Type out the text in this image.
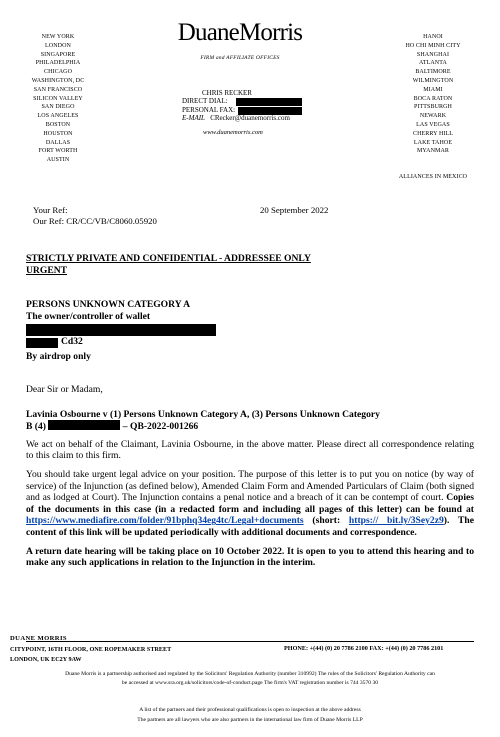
NEW YORK
LONDON
SINGAPORE
PHILADELPHIA
CHICAGO
WASHINGTON, DC
SAN FRANCISCO
SILICON VALLEY
SAN DIEGO
LOS ANGELES
BOSTON
HOUSTON
DALLAS
FORT WORTH
AUSTIN
DuaneMorris
FIRM and AFFILIATE OFFICES
HANOI
HO CHI MINH CITY
SHANGHAI
ATLANTA
BALTIMORE
WILMINGTON
MIAMI
BOCA RATON
PITTSBURGH
NEWARK
LAS VEGAS
CHERRY HILL
LAKE TAHOE
MYANMAR
ALLIANCES IN MEXICO
CHRIS RECKER
DIRECT DIAL:
PERSONAL FAX:
E-MAIL CRecker@duanemorris.com
www.duanemorris.com
Your Ref:
Our Ref: CR/CC/VB/C8060.05920
20 September 2022

STRICTLY PRIVATE AND CONFIDENTIAL - ADDRESSEE ONLY
URGENT

PERSONS UNKNOWN CATEGORY A
The owner/controller of wallet

Cd32

By airdrop only

Dear Sir or Madam,

Lavinia Osbourne v (1) Persons Unknown Category A, (3) Persons Unknown Category
B (4)	– QB-2022-001266

We act on behalf of the Claimant, Lavinia Osbourne, in the above matter. Please direct all correspondence relating to this claim to this firm.

You should take urgent legal advice on your position. The purpose of this letter is to put you on notice (by way of service) of the Injunction (as defined below), Amended Claim Form and Amended Particulars of Claim (both signed and as lodged at Court). The Injunction contains a penal notice and a breach of it can be contempt of court. Copies of the documents in this case (in a redacted form and including all pages of this letter) can be found at https://www.mediafire.com/folder/91bphq34eg4tc/Legal+documents (short: https:// bit.ly/3Sey2z9). The content of this link will be updated periodically with additional documents and correspondence.

A return date hearing will be taking place on 10 October 2022. It is open to you to attend this hearing and to make any such applications in relation to the Injunction in the interim.

DUANE MORRIS
CITYPOINT, 16TH FLOOR, ONE ROPEMAKER STREET
LONDON, UK EC2Y 9AW
PHONE: +(44) (0) 20 7786 2100 FAX: +(44) (0) 20 7786 2101
Duane Morris is a partnership authorised and regulated by the Solicitors' Regulation Authority (number 310992) The rules of the Solicitors' Regulation Authority can
be accessed at www.sra.org.uk/solicitors/code-of-conduct.page The firm's VAT registration number is 744 3570 30
A list of the partners and their professional qualifications is open to inspection at the above address
The partners are all lawyers who are also partners in the international law firm of Duane Morris LLP
